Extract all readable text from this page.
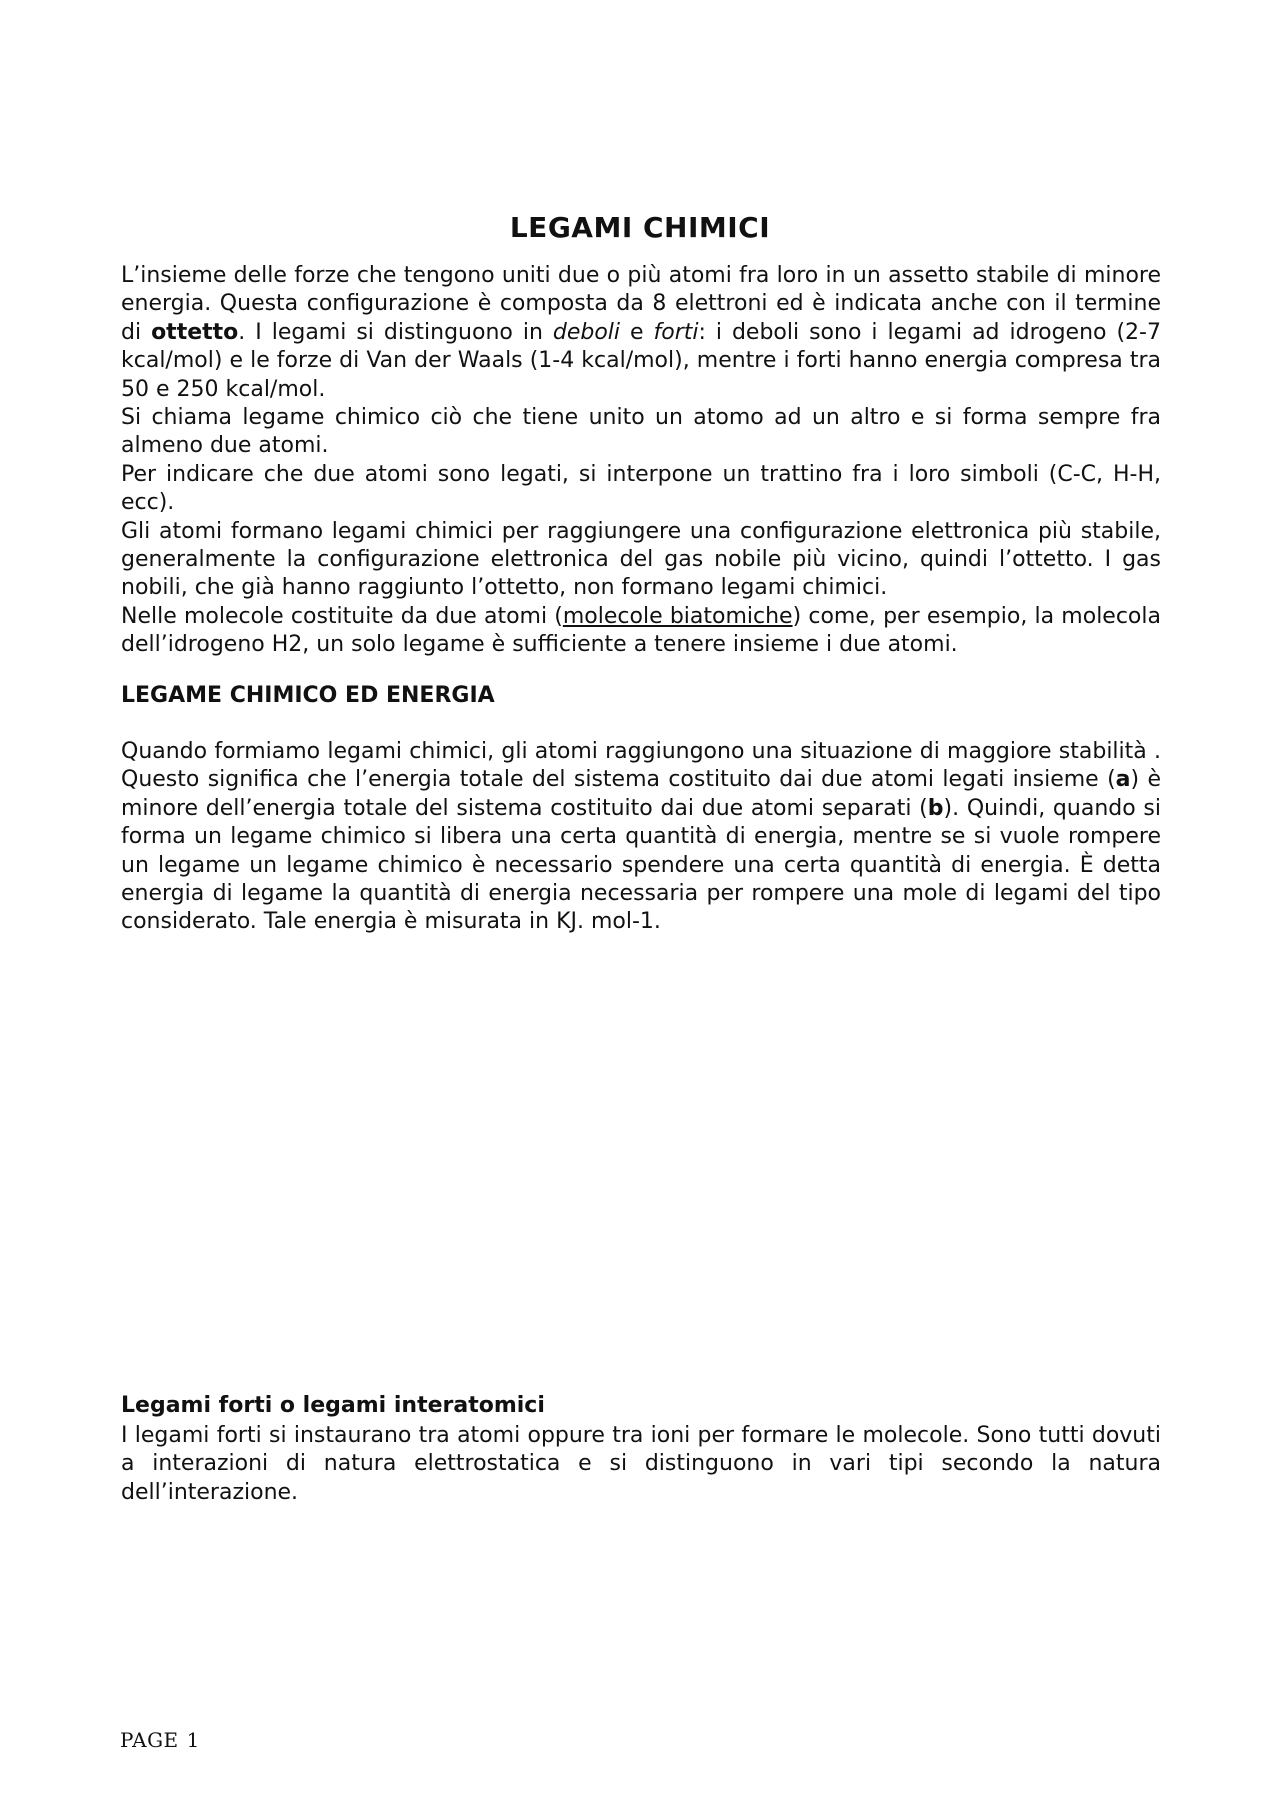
LEGAMI CHIMICI

L’insieme delle forze che tengono uniti due o più atomi fra loro in un assetto stabile di minore energia. Questa configurazione è composta da 8 elettroni ed è indicata anche con il termine di ottetto. I legami si distinguono in deboli e forti: i deboli sono i legami ad idrogeno (2-7 kcal/mol) e le forze di Van der Waals (1-4 kcal/mol), mentre i forti hanno energia compresa tra 50 e 250 kcal/mol.

Si chiama legame chimico ciò che tiene unito un atomo ad un altro e si forma sempre fra almeno due atomi.

Per indicare che due atomi sono legati, si interpone un trattino fra i loro simboli (C-C, H-H, ecc).

Gli atomi formano legami chimici per raggiungere una configurazione elettronica più stabile, generalmente la configurazione elettronica del gas nobile più vicino, quindi l’ottetto. I gas nobili, che già hanno raggiunto l’ottetto, non formano legami chimici.

Nelle molecole costituite da due atomi (molecole biatomiche) come, per esempio, la molecola dell’idrogeno H2, un solo legame è sufficiente a tenere insieme i due atomi.

LEGAME CHIMICO ED ENERGIA

Quando formiamo legami chimici, gli atomi raggiungono una situazione di maggiore stabilità . Questo significa che l’energia totale del sistema costituito dai due atomi legati insieme (a) è minore dell’energia totale del sistema costituito dai due atomi separati (b). Quindi, quando si forma un legame chimico si libera una certa quantità di energia, mentre se si vuole rompere un legame un legame chimico è necessario spendere una certa quantità di energia. È detta energia di legame la quantità di energia necessaria per rompere una mole di legami del tipo considerato. Tale energia è misurata in KJ. mol-1.

Legami forti o legami interatomici

I legami forti si instaurano tra atomi oppure tra ioni per formare le molecole. Sono tutti dovuti a interazioni di natura elettrostatica e si distinguono in vari tipi secondo la natura dell’interazione.

PAGE 1
